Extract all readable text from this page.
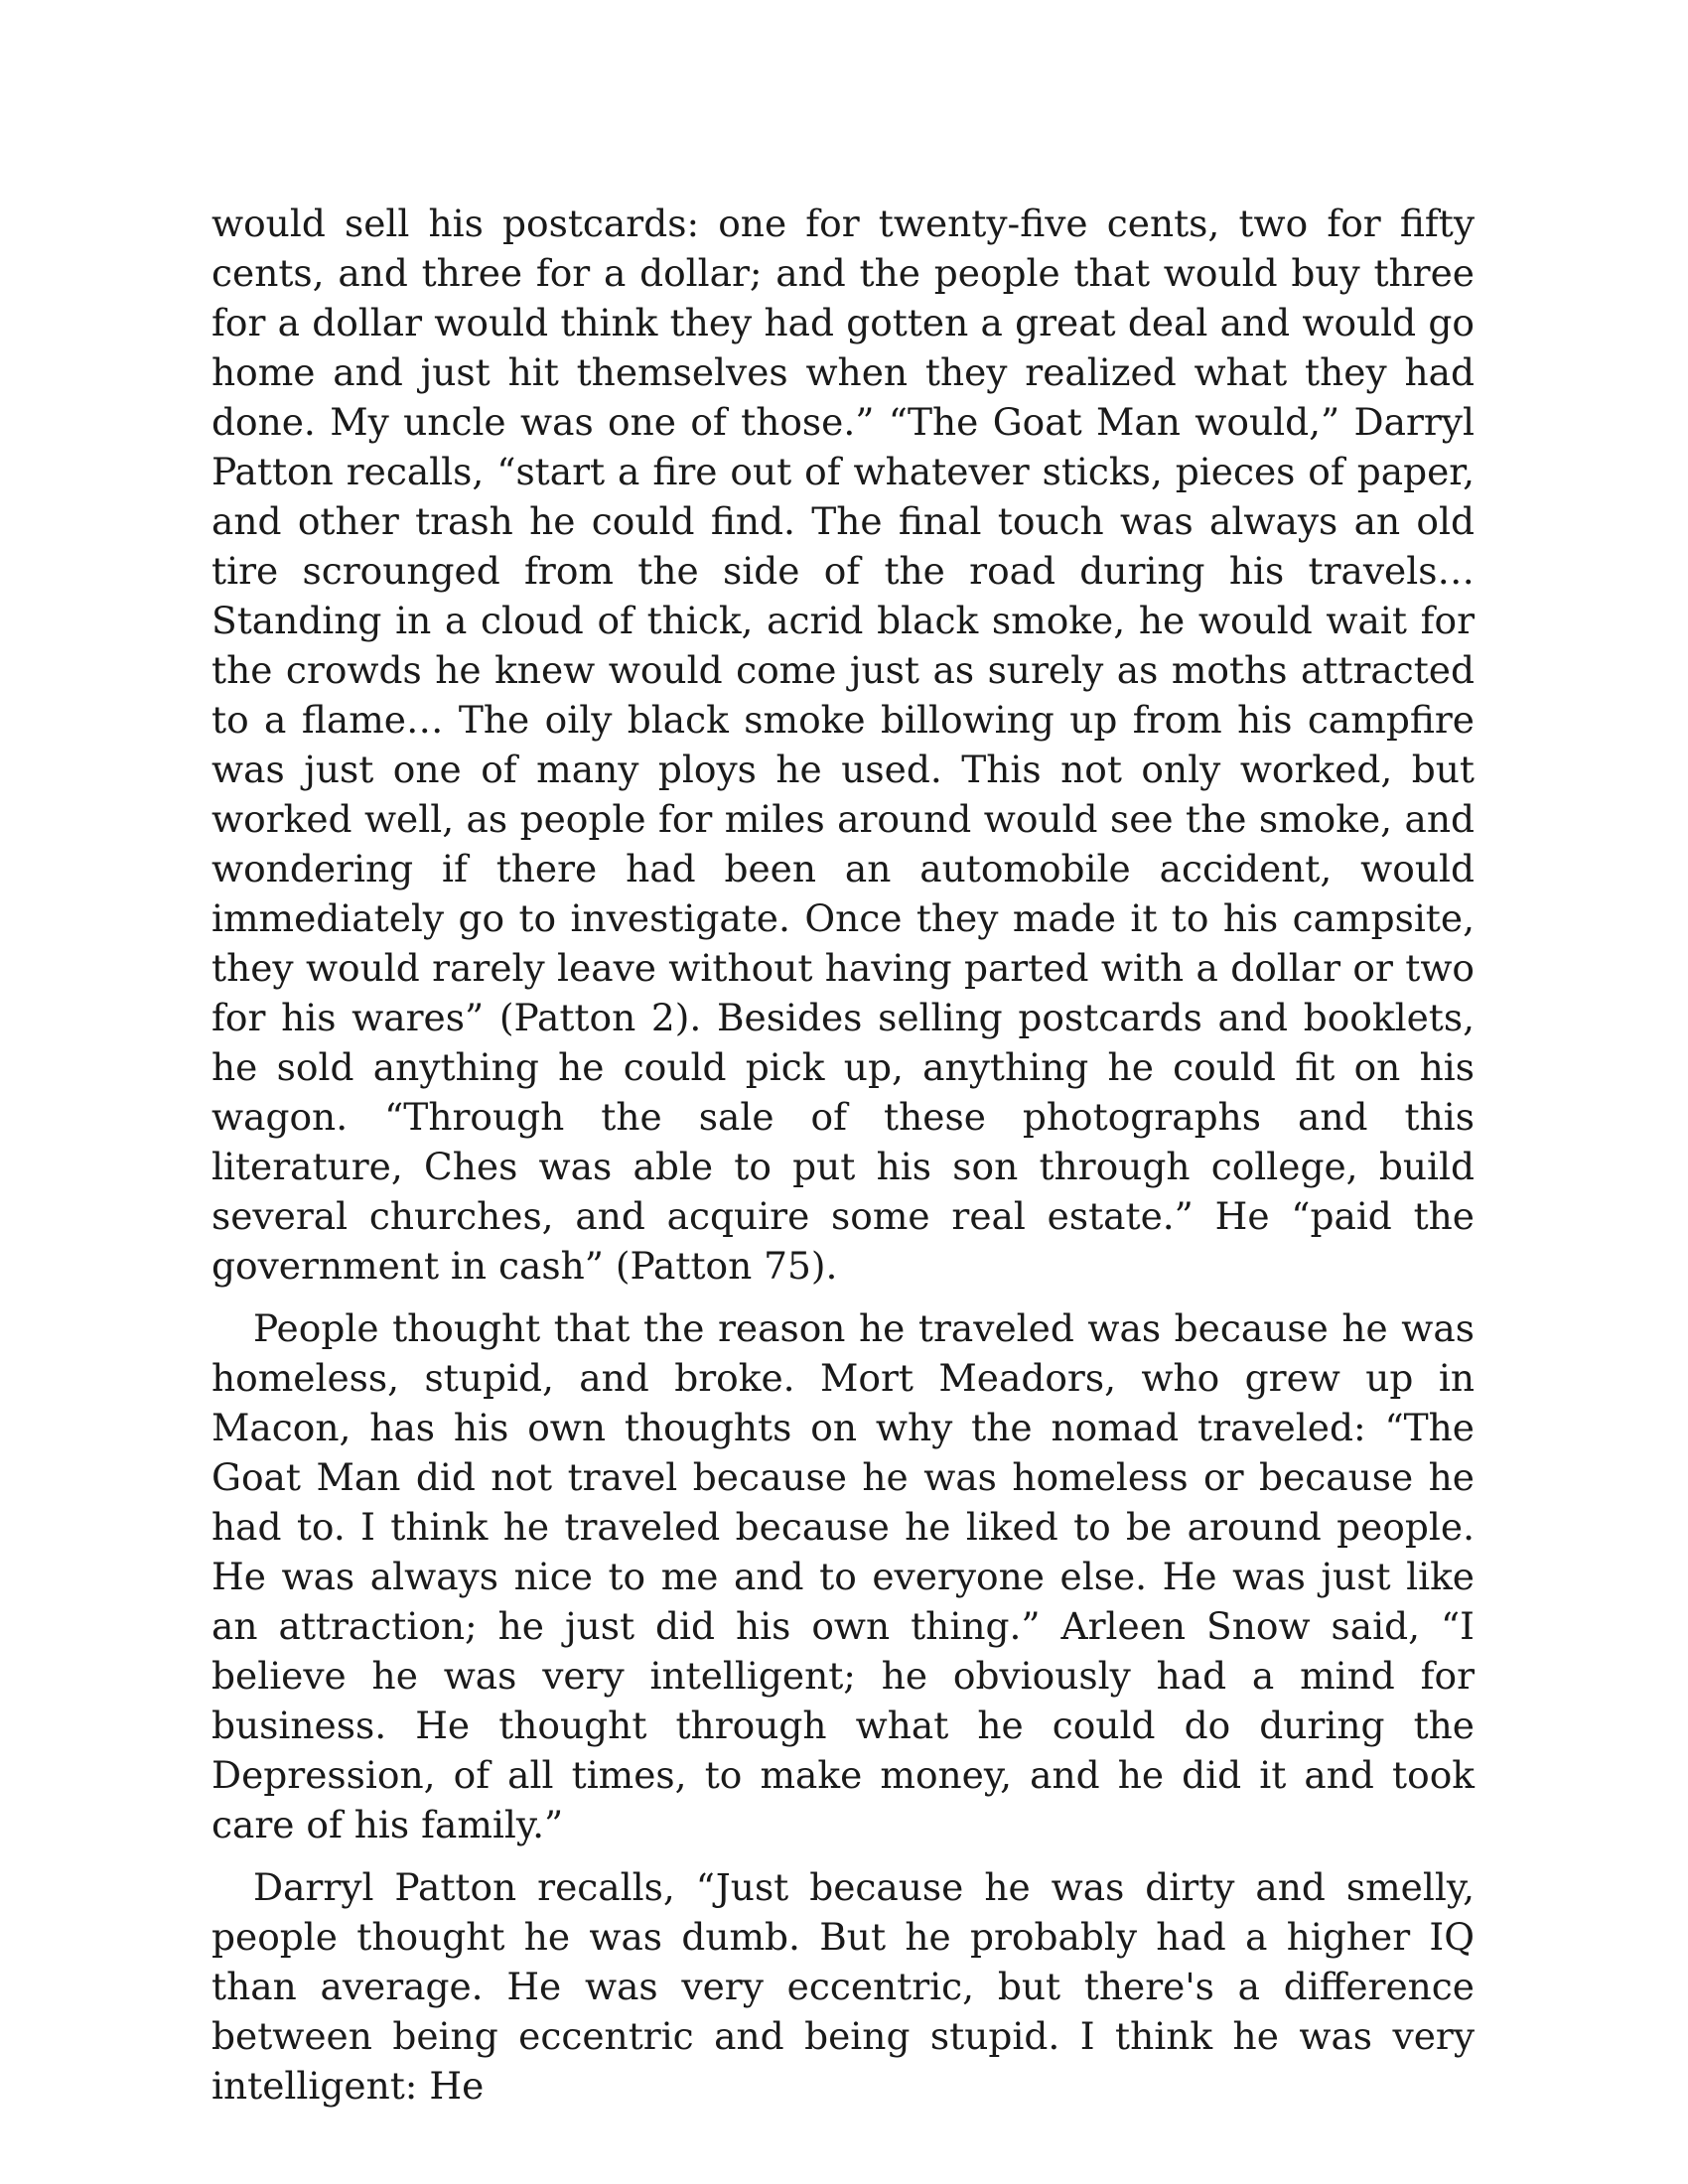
would sell his postcards: one for twenty-five cents, two for fifty cents, and three for a dollar; and the people that would buy three for a dollar would think they had gotten a great deal and would go home and just hit themselves when they realized what they had done. My uncle was one of those.” “The Goat Man would,” Darryl Patton recalls, “start a fire out of whatever sticks, pieces of paper, and other trash he could find. The final touch was always an old tire scrounged from the side of the road during his travels… Standing in a cloud of thick, acrid black smoke, he would wait for the crowds he knew would come just as surely as moths attracted to a flame… The oily black smoke billowing up from his campfire was just one of many ploys he used. This not only worked, but worked well, as people for miles around would see the smoke, and wondering if there had been an automobile accident, would immediately go to investigate. Once they made it to his campsite, they would rarely leave without having parted with a dollar or two for his wares” (Patton 2). Besides selling postcards and booklets, he sold anything he could pick up, anything he could fit on his wagon. “Through the sale of these photographs and this literature, Ches was able to put his son through college, build several churches, and acquire some real estate.” He “paid the government in cash” (Patton 75).

People thought that the reason he traveled was because he was homeless, stupid, and broke. Mort Meadors, who grew up in Macon, has his own thoughts on why the nomad traveled: “The Goat Man did not travel because he was homeless or because he had to. I think he traveled because he liked to be around people. He was always nice to me and to everyone else. He was just like an attraction; he just did his own thing.” Arleen Snow said, “I believe he was very intelligent; he obviously had a mind for business. He thought through what he could do during the Depression, of all times, to make money, and he did it and took care of his family.”

Darryl Patton recalls, “Just because he was dirty and smelly, people thought he was dumb. But he probably had a higher IQ than average. He was very eccentric, but there's a difference between being eccentric and being stupid. I think he was very intelligent: He
